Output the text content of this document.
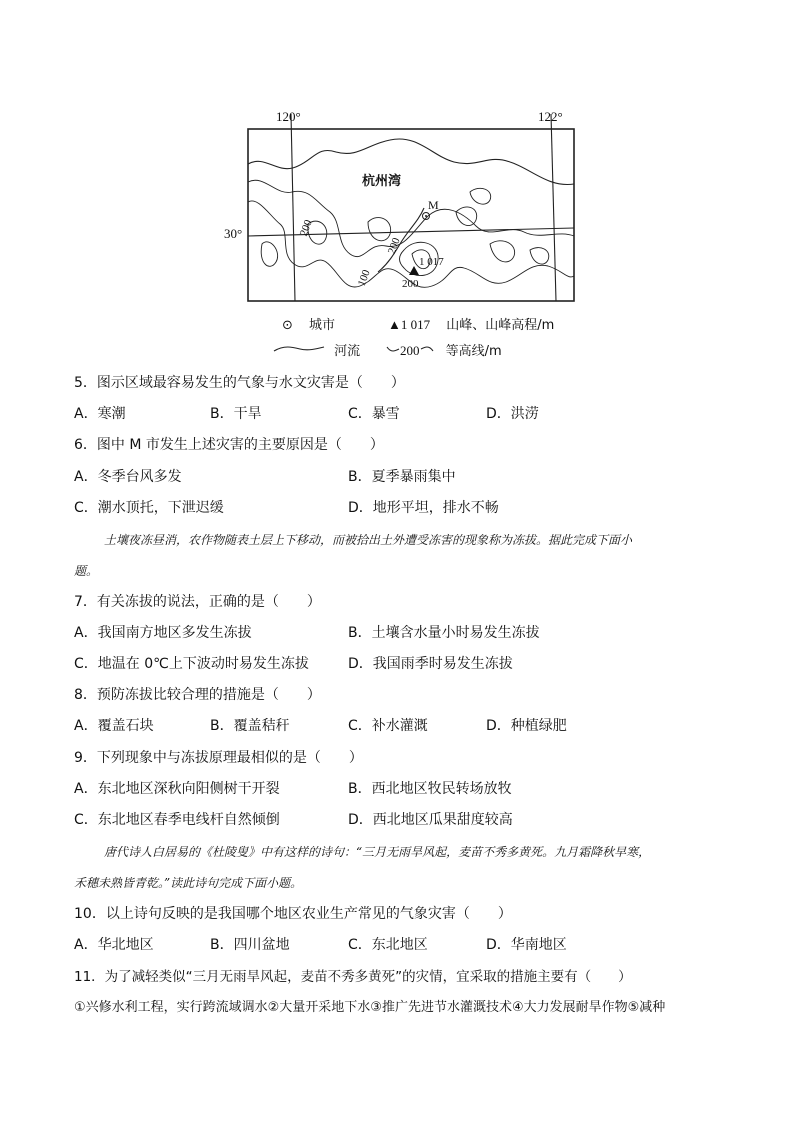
120°	122°
30°
杭州湾
M
1 017
200
200
100	200
⊙ 城市	▲1 017 山峰、山峰高程/m
河流	200 等高线/m
5．图示区域最容易发生的气象与水文灾害是（　　）
A．寒潮	B．干旱	C．暴雪	D．洪涝
6．图中 M 市发生上述灾害的主要原因是（　　）
A．冬季台风多发	B．夏季暴雨集中
C．潮水顶托，下泄迟缓	D．地形平坦，排水不畅
土壤夜冻昼消，农作物随表土层上下移动，而被拾出土外遭受冻害的现象称为冻拔。据此完成下面小
题。
7．有关冻拔的说法，正确的是（　　）
A．我国南方地区多发生冻拔	B．土壤含水量小时易发生冻拔
C．地温在 0℃上下波动时易发生冻拔	D．我国雨季时易发生冻拔
8．预防冻拔比较合理的措施是（　　）
A．覆盖石块	B．覆盖秸秆	C．补水灌溉	D．种植绿肥
9．下列现象中与冻拔原理最相似的是（　　）
A．东北地区深秋向阳侧树干开裂	B．西北地区牧民转场放牧
C．东北地区春季电线杆自然倾倒	D．西北地区瓜果甜度较高
唐代诗人白居易的《杜陵叟》中有这样的诗句：“三月无雨旱风起，麦苗不秀多黄死。九月霜降秋早寒，
禾穗未熟皆青乾。”读此诗句完成下面小题。
10．以上诗句反映的是我国哪个地区农业生产常见的气象灾害（　　）
A．华北地区	B．四川盆地	C．东北地区	D．华南地区
11．为了减轻类似“三月无雨旱风起，麦苗不秀多黄死”的灾情，宜采取的措施主要有（　　）
①兴修水利工程，实行跨流域调水②大量开采地下水③推广先进节水灌溉技术④大力发展耐旱作物⑤减种
